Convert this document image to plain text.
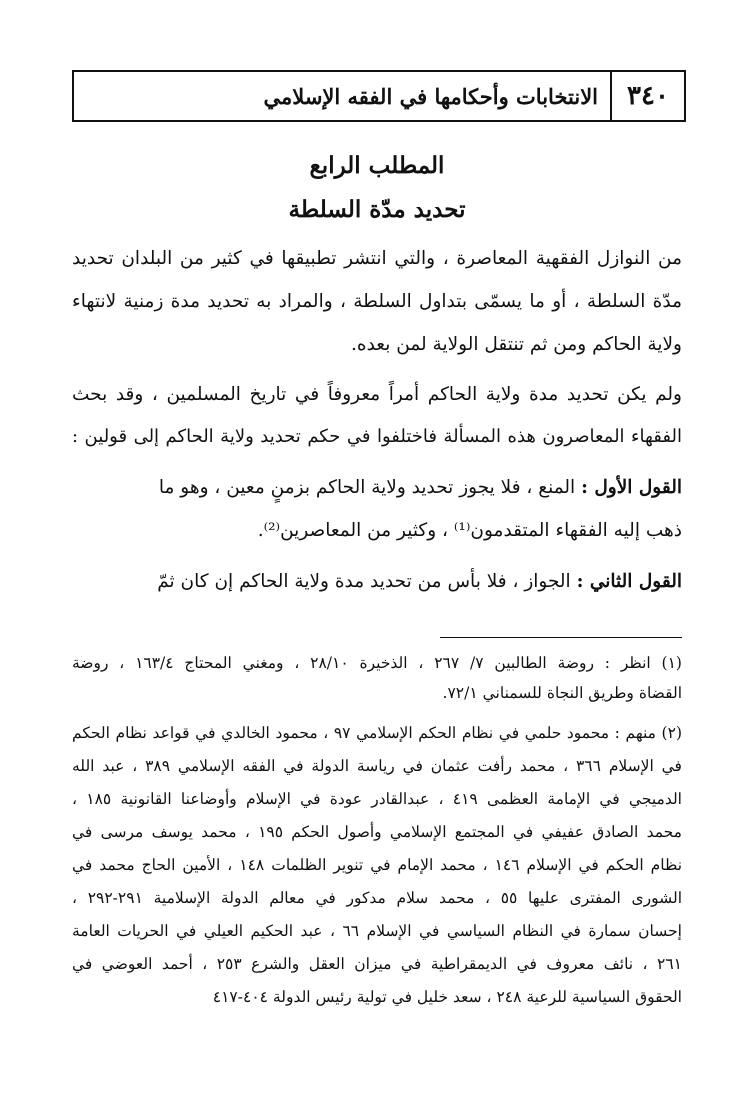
٣٤٠
الانتخابات وأحكامها في الفقه الإسلامي
المطلب الرابع
تحديد مدّة السلطة
من النوازل الفقهية المعاصرة ، والتي انتشر تطبيقها في كثير من البلدان تحديد
مدّة السلطة ، أو ما يسمّى بتداول السلطة ، والمراد به تحديد مدة زمنية لانتهاء
ولاية الحاكم ومن ثم تنتقل الولاية لمن بعده.
ولم يكن تحديد مدة ولاية الحاكم أمراً معروفاً في تاريخ المسلمين ، وقد بحث
الفقهاء المعاصرون هذه المسألة فاختلفوا في حكم تحديد ولاية الحاكم إلى قولين :
القول الأول : المنع ، فلا يجوز تحديد ولاية الحاكم بزمنٍ معين ، وهو ما
ذهب إليه الفقهاء المتقدمون⁽¹⁾ ، وكثير من المعاصرين⁽²⁾.
القول الثاني : الجواز ، فلا بأس من تحديد مدة ولاية الحاكم إن كان ثمّ
(١) انظر : روضة الطالبين ٧/ ٢٦٧ ، الذخيرة ٢٨/١٠ ، ومغني المحتاج ١٦٣/٤ ، روضة
القضاة وطريق النجاة للسمناني ٧٢/١.
(٢) منهم : محمود حلمي في نظام الحكم الإسلامي ٩٧ ، محمود الخالدي في قواعد نظام الحكم
في الإسلام ٣٦٦ ، محمد رأفت عثمان في رياسة الدولة في الفقه الإسلامي ٣٨٩ ، عبد الله
الدميجي في الإمامة العظمى ٤١٩ ، عبدالقادر عودة في الإسلام وأوضاعنا القانونية ١٨٥ ،
محمد الصادق عفيفي في المجتمع الإسلامي وأصول الحكم ١٩٥ ، محمد يوسف مرسى في
نظام الحكم في الإسلام ١٤٦ ، محمد الإمام في تنوير الظلمات ١٤٨ ، الأمين الحاج محمد في
الشورى المفترى عليها ٥٥ ، محمد سلام مدكور في معالم الدولة الإسلامية ٢٩١-٢٩٢ ،
إحسان سمارة في النظام السياسي في الإسلام ٦٦ ، عبد الحكيم العيلي في الحريات العامة
٢٦١ ، نائف معروف في الديمقراطية في ميزان العقل والشرع ٢٥٣ ، أحمد العوضي في
الحقوق السياسية للرعية ٢٤٨ ، سعد خليل في تولية رئيس الدولة ٤٠٤-٤١٧
